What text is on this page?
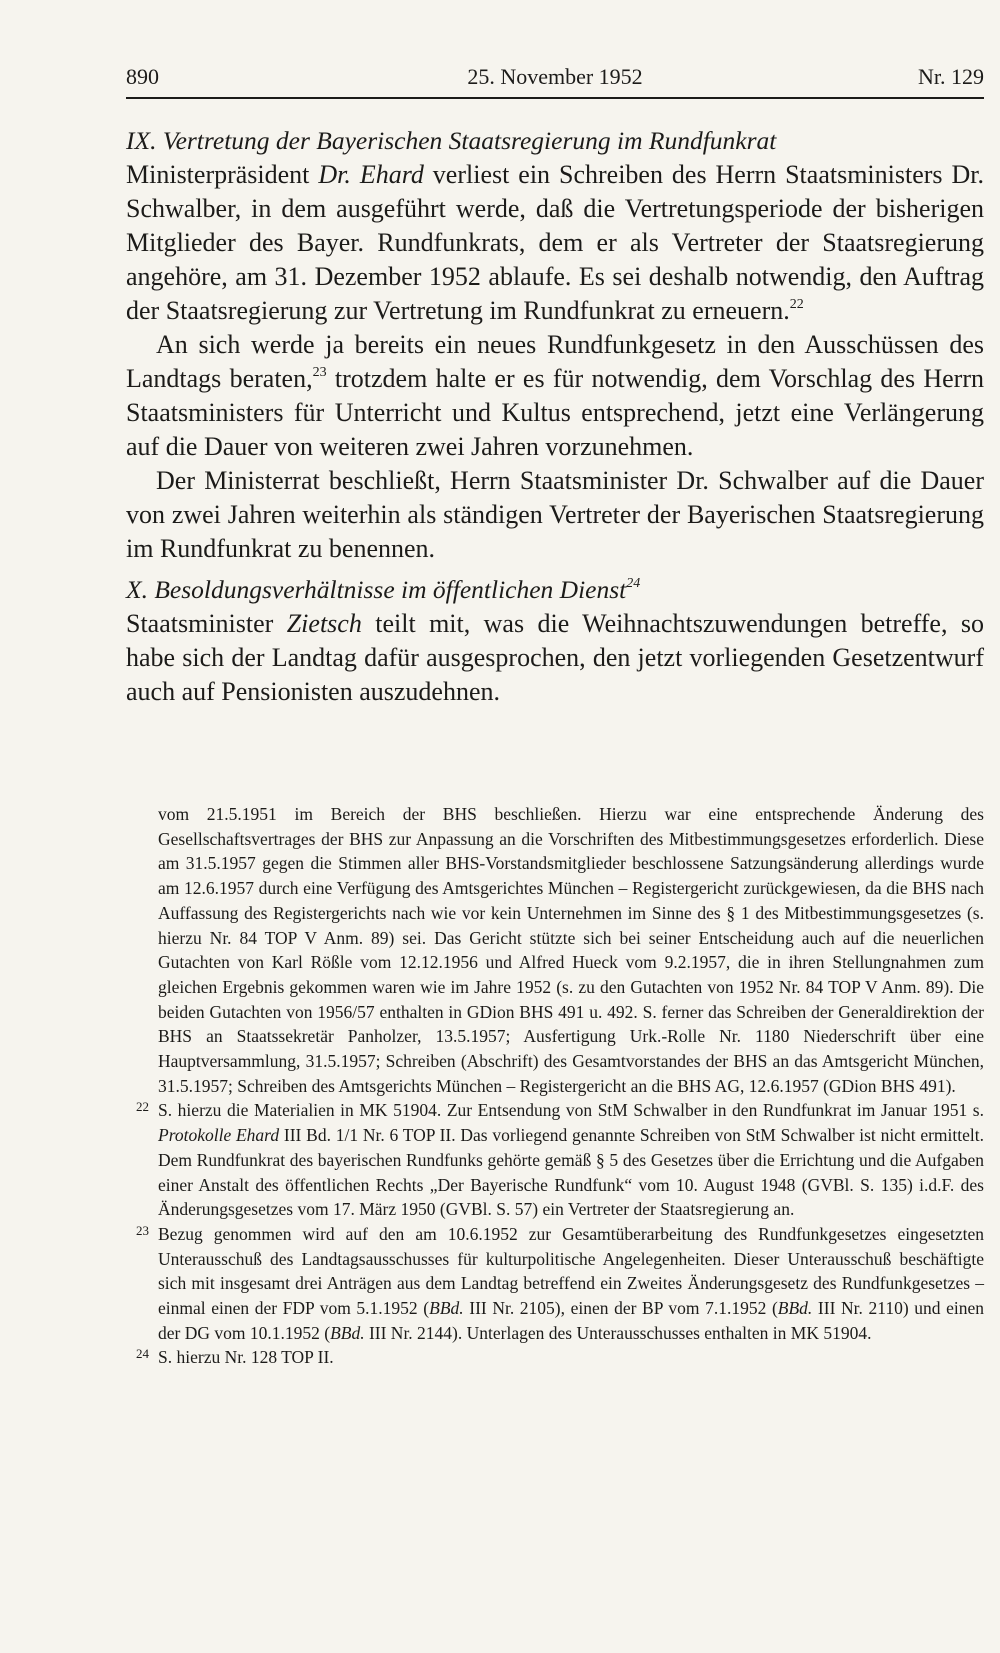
890	25. November 1952	Nr. 129

IX. Vertretung der Bayerischen Staatsregierung im Rundfunkrat

Ministerpräsident Dr. Ehard verliest ein Schreiben des Herrn Staatsministers Dr. Schwalber, in dem ausgeführt werde, daß die Vertretungsperiode der bisherigen Mitglieder des Bayer. Rundfunkrats, dem er als Vertreter der Staatsregierung angehöre, am 31. Dezember 1952 ablaufe. Es sei deshalb notwendig, den Auftrag der Staatsregierung zur Vertretung im Rundfunkrat zu erneuern.$^{22}$

An sich werde ja bereits ein neues Rundfunkgesetz in den Ausschüssen des Landtags beraten,$^{23}$ trotzdem halte er es für notwendig, dem Vorschlag des Herrn Staatsministers für Unterricht und Kultus entsprechend, jetzt eine Verlängerung auf die Dauer von weiteren zwei Jahren vorzunehmen.

Der Ministerrat beschließt, Herrn Staatsminister Dr. Schwalber auf die Dauer von zwei Jahren weiterhin als ständigen Vertreter der Bayerischen Staatsregierung im Rundfunkrat zu benennen.

X. Besoldungsverhältnisse im öffentlichen Dienst$^{24}$

Staatsminister Zietsch teilt mit, was die Weihnachtszuwendungen betreffe, so habe sich der Landtag dafür ausgesprochen, den jetzt vorliegenden Gesetzentwurf auch auf Pensionisten auszudehnen.

vom 21.5.1951 im Bereich der BHS beschließen. Hierzu war eine entsprechende Änderung des Gesellschaftsvertrages der BHS zur Anpassung an die Vorschriften des Mitbestimmungsgesetzes erforderlich. Diese am 31.5.1957 gegen die Stimmen aller BHS-Vorstandsmitglieder beschlossene Satzungsänderung allerdings wurde am 12.6.1957 durch eine Verfügung des Amtsgerichtes München – Registergericht zurückgewiesen, da die BHS nach Auffassung des Registergerichts nach wie vor kein Unternehmen im Sinne des § 1 des Mitbestimmungsgesetzes (s. hierzu Nr. 84 TOP V Anm. 89) sei. Das Gericht stützte sich bei seiner Entscheidung auch auf die neuerlichen Gutachten von Karl Rößle vom 12.12.1956 und Alfred Hueck vom 9.2.1957, die in ihren Stellungnahmen zum gleichen Ergebnis gekommen waren wie im Jahre 1952 (s. zu den Gutachten von 1952 Nr. 84 TOP V Anm. 89). Die beiden Gutachten von 1956/57 enthalten in GDion BHS 491 u. 492. S. ferner das Schreiben der Generaldirektion der BHS an Staatssekretär Panholzer, 13.5.1957; Ausfertigung Urk.-Rolle Nr. 1180 Niederschrift über eine Hauptversammlung, 31.5.1957; Schreiben (Abschrift) des Gesamtvorstandes der BHS an das Amtsgericht München, 31.5.1957; Schreiben des Amtsgerichts München – Registergericht an die BHS AG, 12.6.1957 (GDion BHS 491).

22 S. hierzu die Materialien in MK 51904. Zur Entsendung von StM Schwalber in den Rundfunkrat im Januar 1951 s. Protokolle Ehard III Bd. 1/1 Nr. 6 TOP II. Das vorliegend genannte Schreiben von StM Schwalber ist nicht ermittelt. Dem Rundfunkrat des bayerischen Rundfunks gehörte gemäß § 5 des Gesetzes über die Errichtung und die Aufgaben einer Anstalt des öffentlichen Rechts „Der Bayerische Rundfunk“ vom 10. August 1948 (GVBl. S. 135) i.d.F. des Änderungsgesetzes vom 17. März 1950 (GVBl. S. 57) ein Vertreter der Staatsregierung an.

23 Bezug genommen wird auf den am 10.6.1952 zur Gesamtüberarbeitung des Rundfunkgesetzes eingesetzten Unterausschuß des Landtagsausschusses für kulturpolitische Angelegenheiten. Dieser Unterausschuß beschäftigte sich mit insgesamt drei Anträgen aus dem Landtag betreffend ein Zweites Änderungsgesetz des Rundfunkgesetzes – einmal einen der FDP vom 5.1.1952 (BBd. III Nr. 2105), einen der BP vom 7.1.1952 (BBd. III Nr. 2110) und einen der DG vom 10.1.1952 (BBd. III Nr. 2144). Unterlagen des Unterausschusses enthalten in MK 51904.

24 S. hierzu Nr. 128 TOP II.
